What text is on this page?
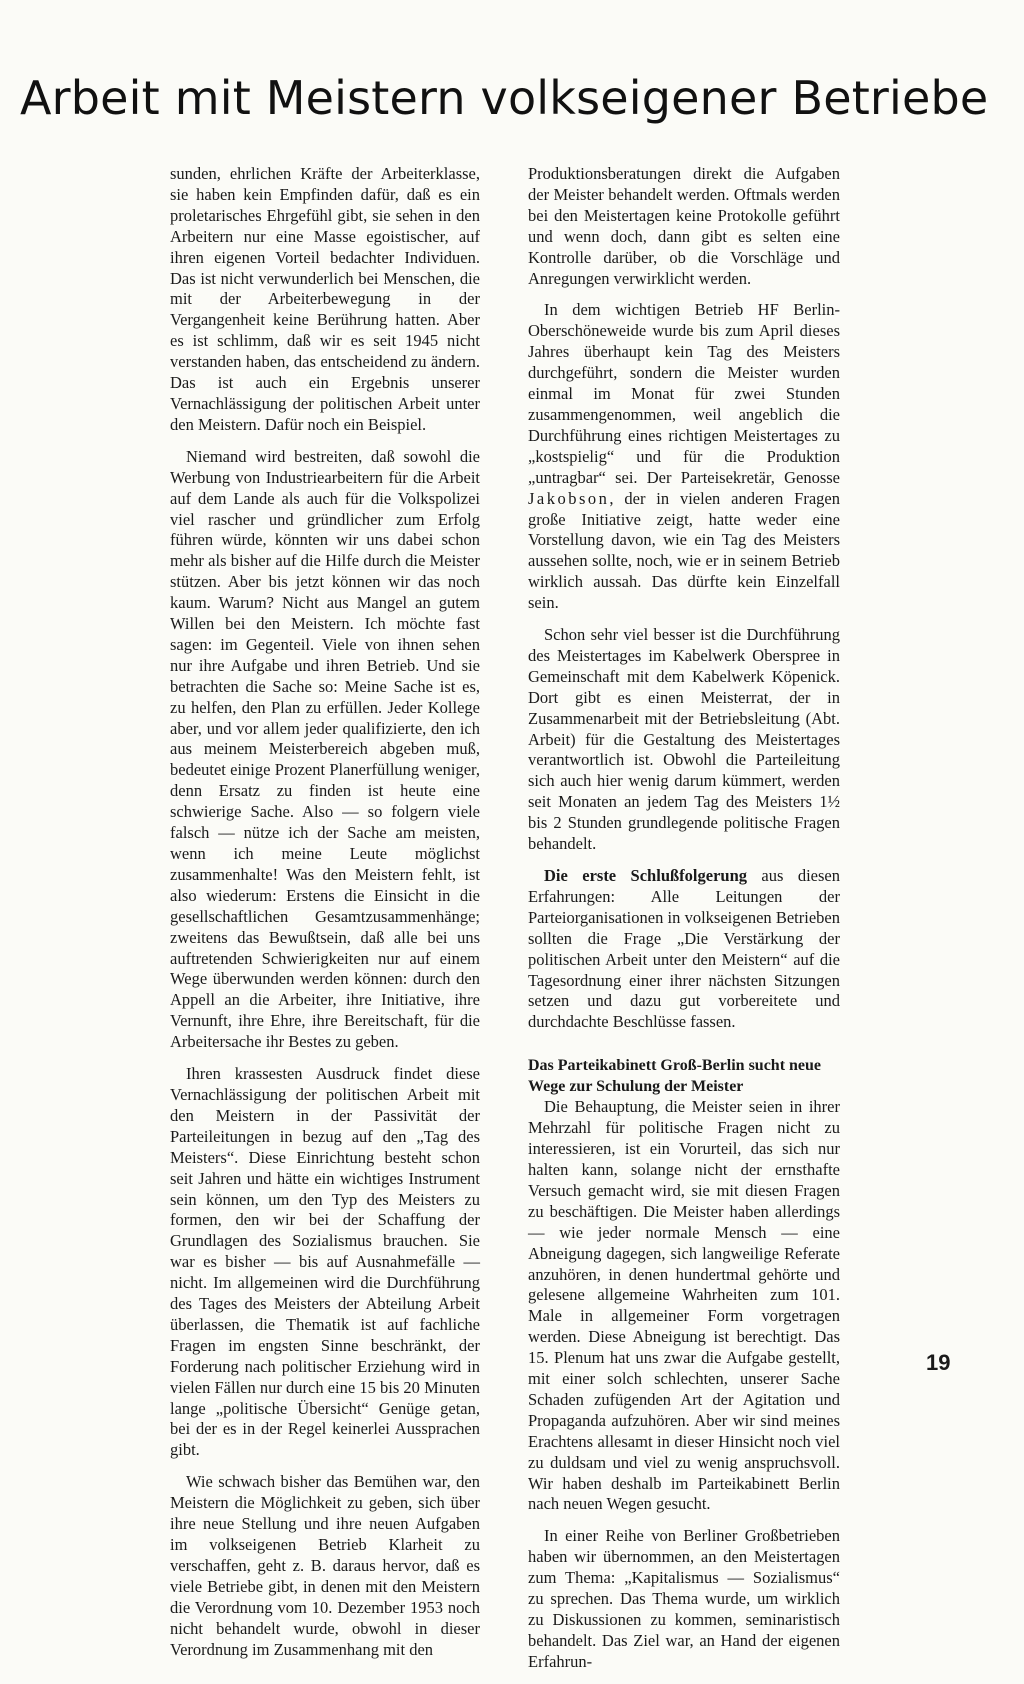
Arbeit mit Meistern volkseigener Betriebe

sunden, ehrlichen Kräfte der Arbeiterklasse, sie haben kein Empfinden dafür, daß es ein proletarisches Ehrgefühl gibt, sie sehen in den Arbeitern nur eine Masse egoistischer, auf ihren eigenen Vorteil bedachter Individuen. Das ist nicht verwunderlich bei Menschen, die mit der Arbeiterbewegung in der Vergangenheit keine Berührung hatten. Aber es ist schlimm, daß wir es seit 1945 nicht verstanden haben, das entscheidend zu ändern. Das ist auch ein Ergebnis unserer Vernachlässigung der politischen Arbeit unter den Meistern. Dafür noch ein Beispiel.

Niemand wird bestreiten, daß sowohl die Werbung von Industriearbeitern für die Arbeit auf dem Lande als auch für die Volkspolizei viel rascher und gründlicher zum Erfolg führen würde, könnten wir uns dabei schon mehr als bisher auf die Hilfe durch die Meister stützen. Aber bis jetzt können wir das noch kaum. Warum? Nicht aus Mangel an gutem Willen bei den Meistern. Ich möchte fast sagen: im Gegenteil. Viele von ihnen sehen nur ihre Aufgabe und ihren Betrieb. Und sie betrachten die Sache so: Meine Sache ist es, zu helfen, den Plan zu erfüllen. Jeder Kollege aber, und vor allem jeder qualifizierte, den ich aus meinem Meisterbereich abgeben muß, bedeutet einige Prozent Planerfüllung weniger, denn Ersatz zu finden ist heute eine schwierige Sache. Also — so folgern viele falsch — nütze ich der Sache am meisten, wenn ich meine Leute möglichst zusammenhalte! Was den Meistern fehlt, ist also wiederum: Erstens die Einsicht in die gesellschaftlichen Gesamtzusammenhänge; zweitens das Bewußtsein, daß alle bei uns auftretenden Schwierigkeiten nur auf einem Wege überwunden werden können: durch den Appell an die Arbeiter, ihre Initiative, ihre Vernunft, ihre Ehre, ihre Bereitschaft, für die Arbeitersache ihr Bestes zu geben.

Ihren krassesten Ausdruck findet diese Vernachlässigung der politischen Arbeit mit den Meistern in der Passivität der Parteileitungen in bezug auf den „Tag des Meisters“. Diese Einrichtung besteht schon seit Jahren und hätte ein wichtiges Instrument sein können, um den Typ des Meisters zu formen, den wir bei der Schaffung der Grundlagen des Sozialismus brauchen. Sie war es bisher — bis auf Ausnahmefälle — nicht. Im allgemeinen wird die Durchführung des Tages des Meisters der Abteilung Arbeit überlassen, die Thematik ist auf fachliche Fragen im engsten Sinne beschränkt, der Forderung nach politischer Erziehung wird in vielen Fällen nur durch eine 15 bis 20 Minuten lange „politische Übersicht“ Genüge getan, bei der es in der Regel keinerlei Aussprachen gibt.

Wie schwach bisher das Bemühen war, den Meistern die Möglichkeit zu geben, sich über ihre neue Stellung und ihre neuen Aufgaben im volkseigenen Betrieb Klarheit zu verschaffen, geht z. B. daraus hervor, daß es viele Betriebe gibt, in denen mit den Meistern die Verordnung vom 10. Dezember 1953 noch nicht behandelt wurde, obwohl in dieser Verordnung im Zusammenhang mit den

Produktionsberatungen direkt die Aufgaben der Meister behandelt werden. Oftmals werden bei den Meistertagen keine Protokolle geführt und wenn doch, dann gibt es selten eine Kontrolle darüber, ob die Vorschläge und Anregungen verwirklicht werden.

In dem wichtigen Betrieb HF Berlin-Oberschöneweide wurde bis zum April dieses Jahres überhaupt kein Tag des Meisters durchgeführt, sondern die Meister wurden einmal im Monat für zwei Stunden zusammengenommen, weil angeblich die Durchführung eines richtigen Meistertages zu „kostspielig“ und für die Produktion „untragbar“ sei. Der Parteisekretär, Genosse Jakobson, der in vielen anderen Fragen große Initiative zeigt, hatte weder eine Vorstellung davon, wie ein Tag des Meisters aussehen sollte, noch, wie er in seinem Betrieb wirklich aussah. Das dürfte kein Einzelfall sein.

Schon sehr viel besser ist die Durchführung des Meistertages im Kabelwerk Oberspree in Gemeinschaft mit dem Kabelwerk Köpenick. Dort gibt es einen Meisterrat, der in Zusammenarbeit mit der Betriebsleitung (Abt. Arbeit) für die Gestaltung des Meistertages verantwortlich ist. Obwohl die Parteileitung sich auch hier wenig darum kümmert, werden seit Monaten an jedem Tag des Meisters 1½ bis 2 Stunden grundlegende politische Fragen behandelt.

Die erste Schlußfolgerung aus diesen Erfahrungen: Alle Leitungen der Parteiorganisationen in volkseigenen Betrieben sollten die Frage „Die Verstärkung der politischen Arbeit unter den Meistern“ auf die Tagesordnung einer ihrer nächsten Sitzungen setzen und dazu gut vorbereitete und durchdachte Beschlüsse fassen.

Das Parteikabinett Groß-Berlin sucht neue Wege zur Schulung der Meister

Die Behauptung, die Meister seien in ihrer Mehrzahl für politische Fragen nicht zu interessieren, ist ein Vorurteil, das sich nur halten kann, solange nicht der ernsthafte Versuch gemacht wird, sie mit diesen Fragen zu beschäftigen. Die Meister haben allerdings — wie jeder normale Mensch — eine Abneigung dagegen, sich langweilige Referate anzuhören, in denen hundertmal gehörte und gelesene allgemeine Wahrheiten zum 101. Male in allgemeiner Form vorgetragen werden. Diese Abneigung ist berechtigt. Das 15. Plenum hat uns zwar die Aufgabe gestellt, mit einer solch schlechten, unserer Sache Schaden zufügenden Art der Agitation und Propaganda aufzuhören. Aber wir sind meines Erachtens allesamt in dieser Hinsicht noch viel zu duldsam und viel zu wenig anspruchsvoll. Wir haben deshalb im Parteikabinett Berlin nach neuen Wegen gesucht.

In einer Reihe von Berliner Großbetrieben haben wir übernommen, an den Meistertagen zum Thema: „Kapitalismus — Sozialismus“ zu sprechen. Das Thema wurde, um wirklich zu Diskussionen zu kommen, seminaristisch behandelt. Das Ziel war, an Hand der eigenen Erfahrun-

19
